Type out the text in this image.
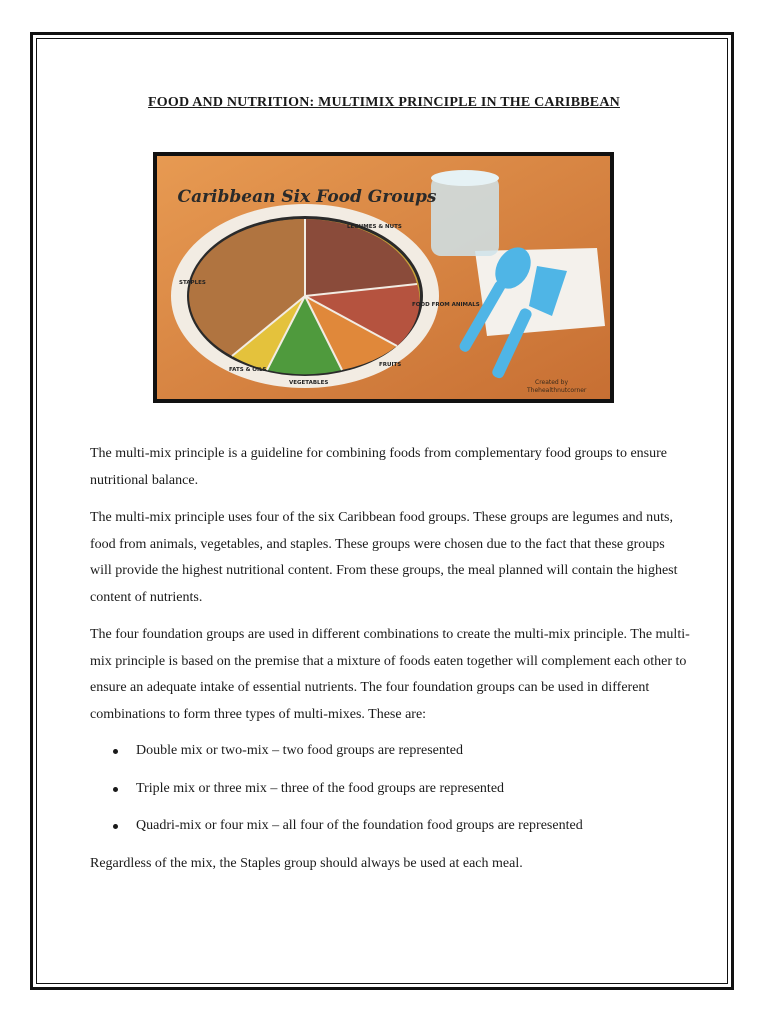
FOOD AND NUTRITION: MULTIMIX PRINCIPLE IN THE CARIBBEAN
Caribbean Six Food Groups
LEGUMES & NUTS
FOOD FROM ANIMALS
FRUITS
VEGETABLES
FATS & OILS
STAPLES
Created by
Thehealthnutcorner
The multi-mix principle is a guideline for combining foods from complementary food groups to ensure nutritional balance.
The multi-mix principle uses four of the six Caribbean food groups. These groups are legumes and nuts, food from animals, vegetables, and staples. These groups were chosen due to the fact that these groups will provide the highest nutritional content. From these groups, the meal planned will contain the highest content of nutrients.
The four foundation groups are used in different combinations to create the multi-mix principle. The multi-mix principle is based on the premise that a mixture of foods eaten together will complement each other to ensure an adequate intake of essential nutrients. The four foundation groups can be used in different combinations to form three types of multi-mixes. These are:
Double mix or two-mix – two food groups are represented
Triple mix or three mix – three of the food groups are represented
Quadri-mix or four mix – all four of the foundation food groups are represented
Regardless of the mix, the Staples group should always be used at each meal.
